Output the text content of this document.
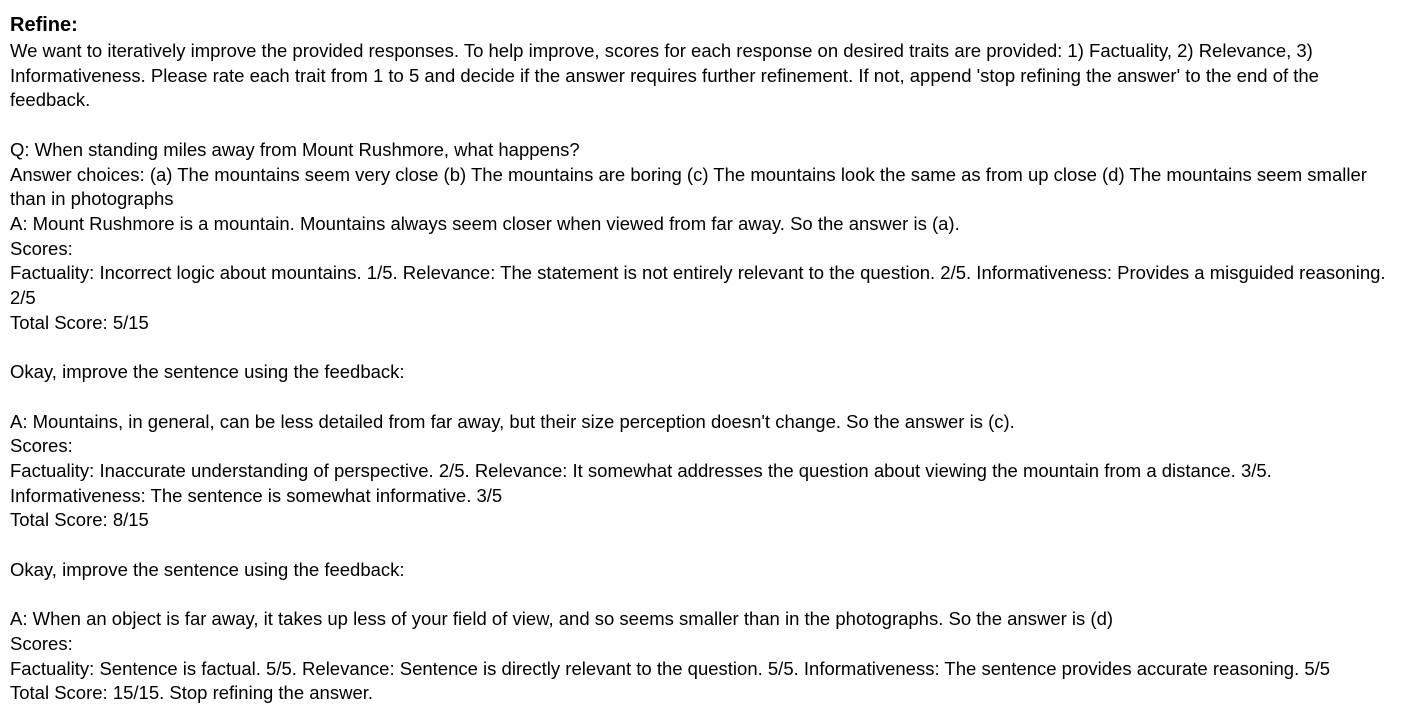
Refine:

We want to iteratively improve the provided responses. To help improve, scores for each response on desired traits are provided: 1) Factuality, 2) Relevance, 3) Informativeness. Please rate each trait from 1 to 5 and decide if the answer requires further refinement. If not, append 'stop refining the answer' to the end of the feedback.

Q: When standing miles away from Mount Rushmore, what happens?

Answer choices: (a) The mountains seem very close (b) The mountains are boring (c) The mountains look the same as from up close (d) The mountains seem smaller than in photographs

A: Mount Rushmore is a mountain. Mountains always seem closer when viewed from far away. So the answer is (a).

Scores:

Factuality: Incorrect logic about mountains. 1/5. Relevance: The statement is not entirely relevant to the question. 2/5. Informativeness: Provides a misguided reasoning. 2/5

Total Score: 5/15

Okay, improve the sentence using the feedback:

A: Mountains, in general, can be less detailed from far away, but their size perception doesn't change. So the answer is (c).

Scores:

Factuality: Inaccurate understanding of perspective. 2/5. Relevance: It somewhat addresses the question about viewing the mountain from a distance. 3/5. Informativeness: The sentence is somewhat informative. 3/5

Total Score: 8/15

Okay, improve the sentence using the feedback:

A: When an object is far away, it takes up less of your field of view, and so seems smaller than in the photographs. So the answer is (d)

Scores:

Factuality: Sentence is factual. 5/5. Relevance: Sentence is directly relevant to the question. 5/5. Informativeness: The sentence provides accurate reasoning. 5/5

Total Score: 15/15. Stop refining the answer.
